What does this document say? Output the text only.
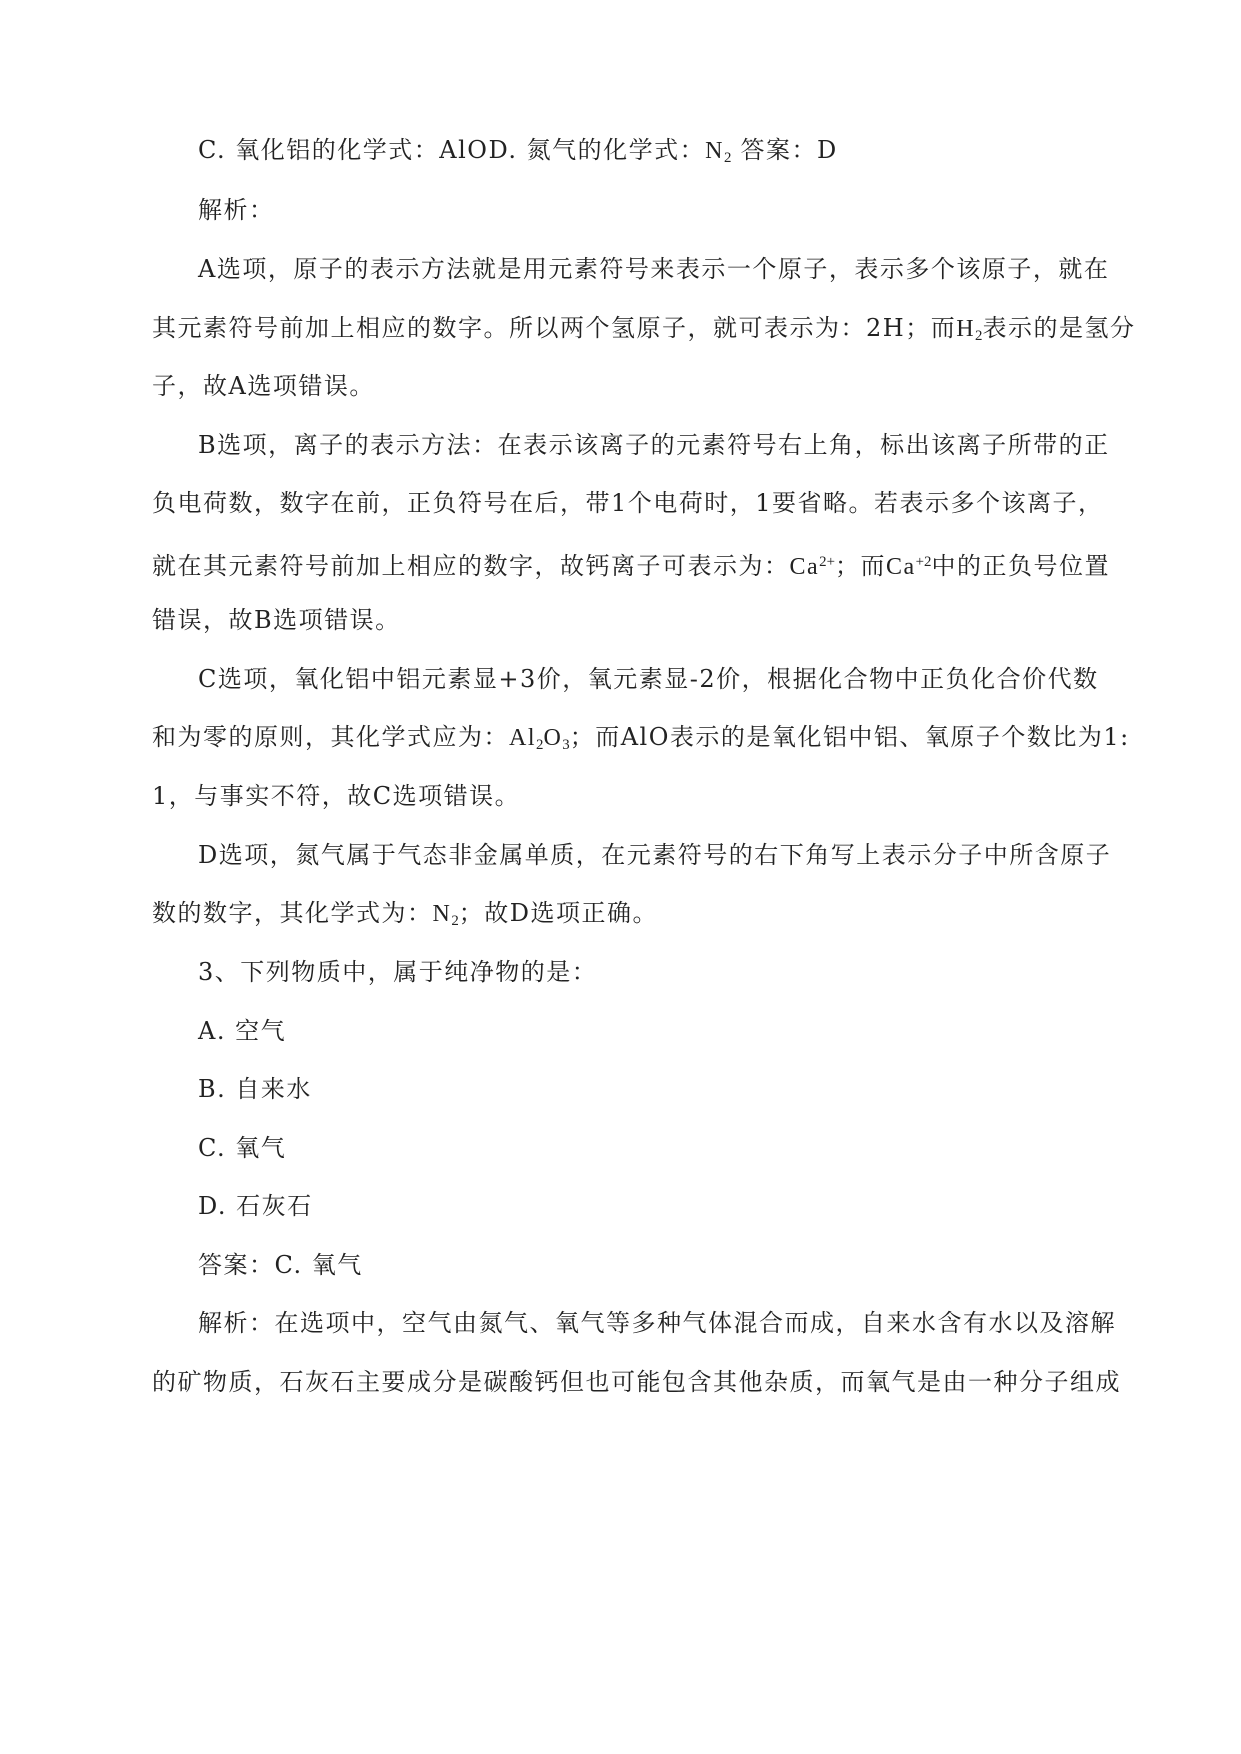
C. 氧化铝的化学式：AlOD. 氮气的化学式：$N_2$ 答案：D
解析：
A选项，原子的表示方法就是用元素符号来表示一个原子，表示多个该原子，就在
其元素符号前加上相应的数字。所以两个氢原子，就可表示为：2H；而$H_2$表示的是氢分
子，故A选项错误。
B选项，离子的表示方法：在表示该离子的元素符号右上角，标出该离子所带的正
负电荷数，数字在前，正负符号在后，带1个电荷时，1要省略。若表示多个该离子，
就在其元素符号前加上相应的数字，故钙离子可表示为：$Ca^{2+}$；而$Ca^{+2}$中的正负号位置
错误，故B选项错误。
C选项，氧化铝中铝元素显+3价，氧元素显-2价，根据化合物中正负化合价代数
和为零的原则，其化学式应为：$Al_2O_3$；而AlO表示的是氧化铝中铝、氧原子个数比为1:
1，与事实不符，故C选项错误。
D选项，氮气属于气态非金属单质，在元素符号的右下角写上表示分子中所含原子
数的数字，其化学式为：$N_2$；故D选项正确。
3、下列物质中，属于纯净物的是：
A. 空气
B. 自来水
C. 氧气
D. 石灰石
答案：C. 氧气
解析：在选项中，空气由氮气、氧气等多种气体混合而成，自来水含有水以及溶解
的矿物质，石灰石主要成分是碳酸钙但也可能包含其他杂质，而氧气是由一种分子组成
